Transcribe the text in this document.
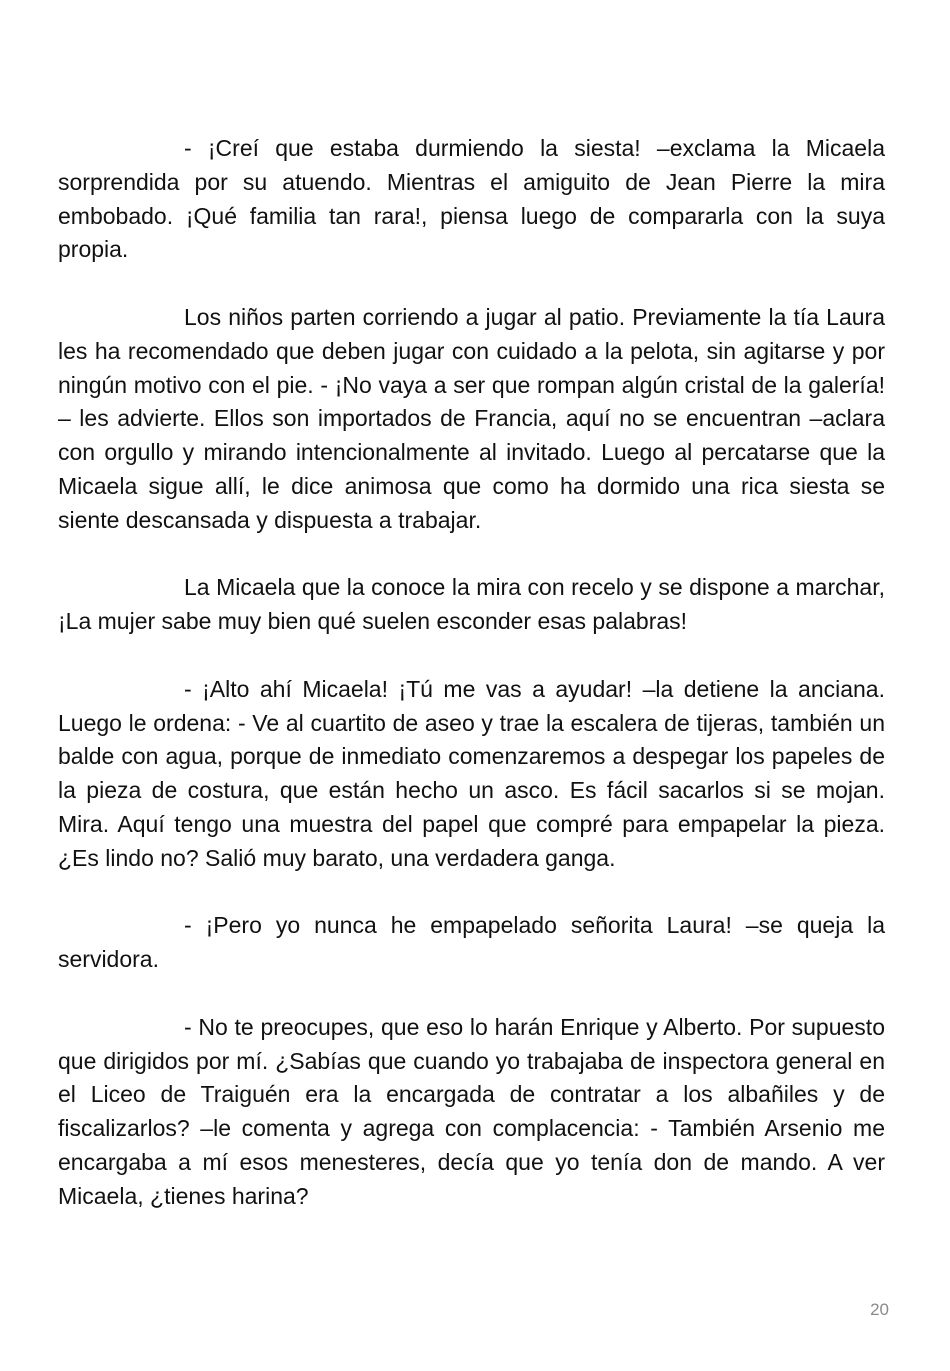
- ¡Creí que estaba durmiendo la siesta! –exclama la Micaela sorprendida por su atuendo. Mientras el amiguito de Jean Pierre la mira embobado. ¡Qué familia tan rara!, piensa luego de compararla con la suya propia.

Los niños parten corriendo a jugar al patio. Previamente la tía Laura les ha recomendado que deben jugar con cuidado a la pelota, sin agitarse y por ningún motivo con el pie. - ¡No vaya a ser que rompan algún cristal de la galería! – les advierte. Ellos son importados de Francia, aquí no se encuentran –aclara con orgullo y mirando intencionalmente al invitado. Luego al percatarse que la Micaela sigue allí, le dice animosa que como ha dormido una rica siesta se siente descansada y dispuesta a trabajar.

La Micaela que la conoce la mira con recelo y se dispone a marchar, ¡La mujer sabe muy bien qué suelen esconder esas palabras!

- ¡Alto ahí Micaela! ¡Tú me vas a ayudar! –la detiene la anciana. Luego le ordena: - Ve al cuartito de aseo y trae la escalera de tijeras, también un balde con agua, porque de inmediato comenzaremos a despegar los papeles de la pieza de costura, que están hecho un asco. Es fácil sacarlos si se mojan. Mira. Aquí tengo una muestra del papel que compré para empapelar la pieza. ¿Es lindo no? Salió muy barato, una verdadera ganga.

- ¡Pero yo nunca he empapelado señorita Laura! –se queja la servidora.

- No te preocupes, que eso lo harán Enrique y Alberto. Por supuesto que dirigidos por mí. ¿Sabías que cuando yo trabajaba de inspectora general en el Liceo de Traiguén era la encargada de contratar a los albañiles y de fiscalizarlos? –le comenta y agrega con complacencia: - También Arsenio me encargaba a mí esos menesteres, decía que yo tenía don de mando. A ver Micaela, ¿tienes harina?

20
